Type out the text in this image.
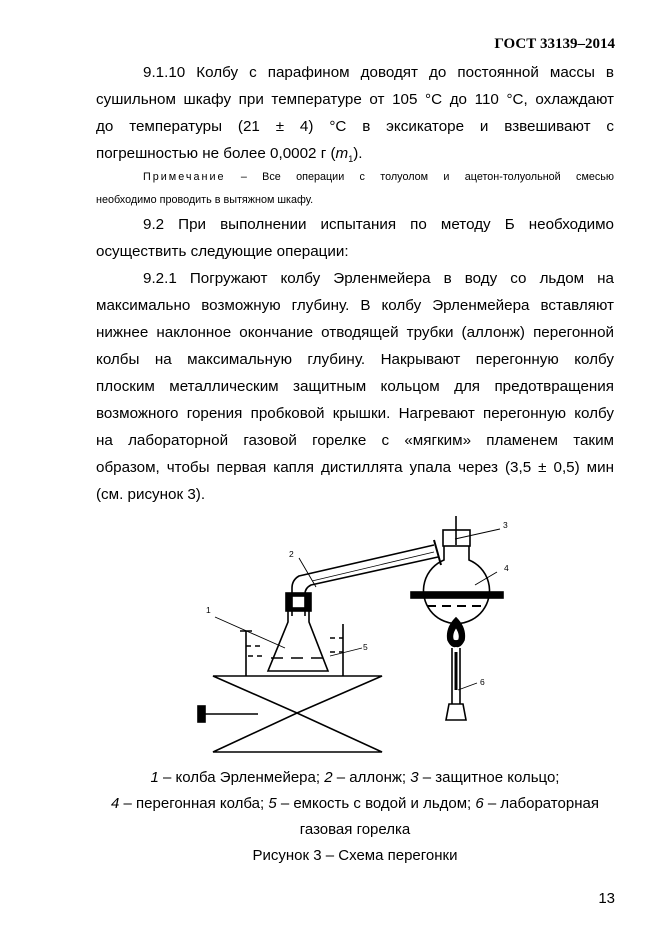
ГОСТ 33139–2014
9.1.10 Колбу с парафином доводят до постоянной массы в
сушильном шкафу при температуре от 105 °С до 110 °С, охлаждают
до температуры (21 ± 4) °С в эксикаторе и взвешивают с
погрешностью не более 0,0002 г $(m_1)$.
Примечание – Все операции с толуолом и ацетон-толуольной смесью
необходимо проводить в вытяжном шкафу.
9.2 При выполнении испытания по методу Б необходимо
осуществить следующие операции:
9.2.1 Погружают колбу Эрленмейера в воду со льдом на
максимально возможную глубину. В колбу Эрленмейера вставляют
нижнее наклонное окончание отводящей трубки (аллонж) перегонной
колбы на максимальную глубину. Накрывают перегонную колбу
плоским металлическим защитным кольцом для предотвращения
возможного горения пробковой крышки. Нагревают перегонную колбу
на лабораторной газовой горелке с «мягким» пламенем таким
образом, чтобы первая капля дистиллята упала через (3,5 ± 0,5) мин
(см. рисунок 3).
1
2
3
4
5
6
1 – колба Эрленмейера; 2 – аллонж; 3 – защитное кольцо;
4 – перегонная колба; 5 – емкость с водой и льдом; 6 – лабораторная
газовая горелка
Рисунок 3 – Схема перегонки
13
